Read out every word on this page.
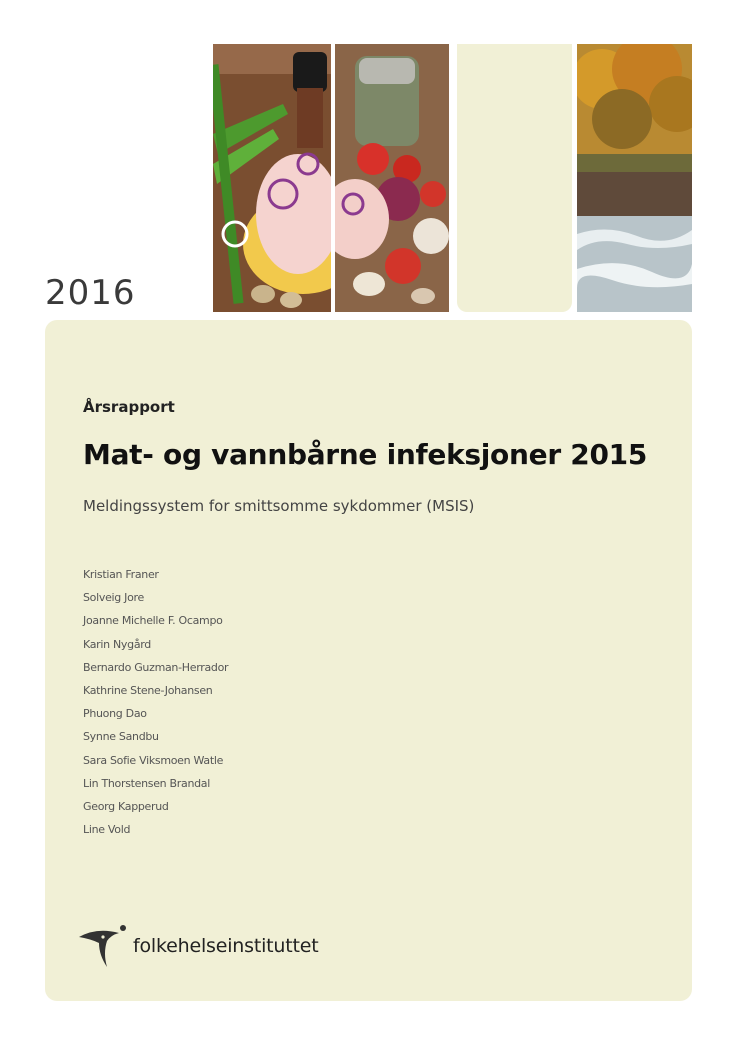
2016
Årsrapport
Mat- og vannbårne infeksjoner 2015
Meldingssystem for smittsomme sykdommer (MSIS)
Kristian Franer
Solveig Jore
Joanne Michelle F. Ocampo
Karin Nygård
Bernardo Guzman-Herrador
Kathrine Stene-Johansen
Phuong Dao
Synne Sandbu
Sara Sofie Viksmoen Watle
Lin Thorstensen Brandal
Georg Kapperud
Line Vold
folkehelseinstituttet
